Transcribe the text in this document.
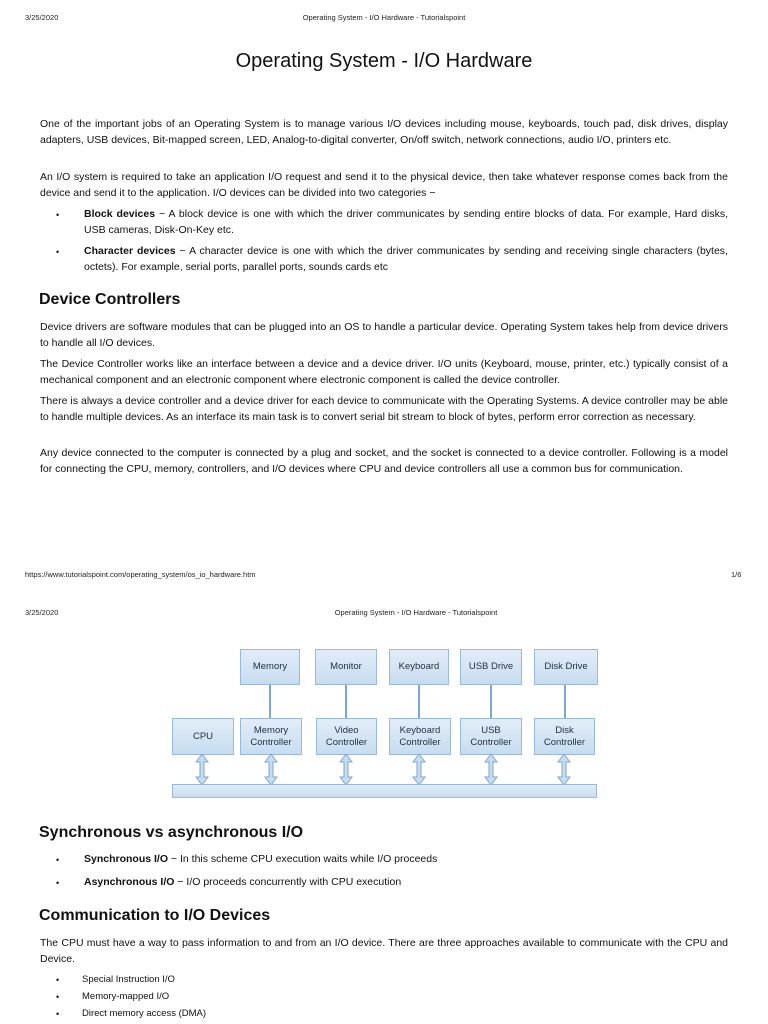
3/25/2020	Operating System - I/O Hardware - Tutorialspoint
Operating System - I/O Hardware

One of the important jobs of an Operating System is to manage various I/O devices including mouse, keyboards, touch pad, disk drives, display adapters, USB devices, Bit-mapped screen, LED, Analog-to-digital converter, On/off switch, network connections, audio I/O, printers etc.

An I/O system is required to take an application I/O request and send it to the physical device, then take whatever response comes back from the device and send it to the application. I/O devices can be divided into two categories −

• Block devices − A block device is one with which the driver communicates by sending entire blocks of data. For example, Hard disks, USB cameras, Disk-On-Key etc.

• Character devices − A character device is one with which the driver communicates by sending and receiving single characters (bytes, octets). For example, serial ports, parallel ports, sounds cards etc

Device Controllers

Device drivers are software modules that can be plugged into an OS to handle a particular device. Operating System takes help from device drivers to handle all I/O devices.

The Device Controller works like an interface between a device and a device driver. I/O units (Keyboard, mouse, printer, etc.) typically consist of a mechanical component and an electronic component where electronic component is called the device controller.

There is always a device controller and a device driver for each device to communicate with the Operating Systems. A device controller may be able to handle multiple devices. As an interface its main task is to convert serial bit stream to block of bytes, perform error correction as necessary.

Any device connected to the computer is connected by a plug and socket, and the socket is connected to a device controller. Following is a model for connecting the CPU, memory, controllers, and I/O devices where CPU and device controllers all use a common bus for communication.

https://www.tutorialspoint.com/operating_system/os_io_hardware.htm	1/6
3/25/2020	Operating System - I/O Hardware - Tutorialspoint
Memory	Monitor	Keyboard	USB Drive	Disk Drive
CPU
Memory
Controller
Video
Controller
Keyboard
Controller
USB
Controller
Disk
Controller
Synchronous vs asynchronous I/O
• Synchronous I/O − In this scheme CPU execution waits while I/O proceeds

• Asynchronous I/O − I/O proceeds concurrently with CPU execution

Communication to I/O Devices

The CPU must have a way to pass information to and from an I/O device. There are three approaches available to communicate with the CPU and Device.

• Special Instruction I/O
• Memory-mapped I/O
• Direct memory access (DMA)
